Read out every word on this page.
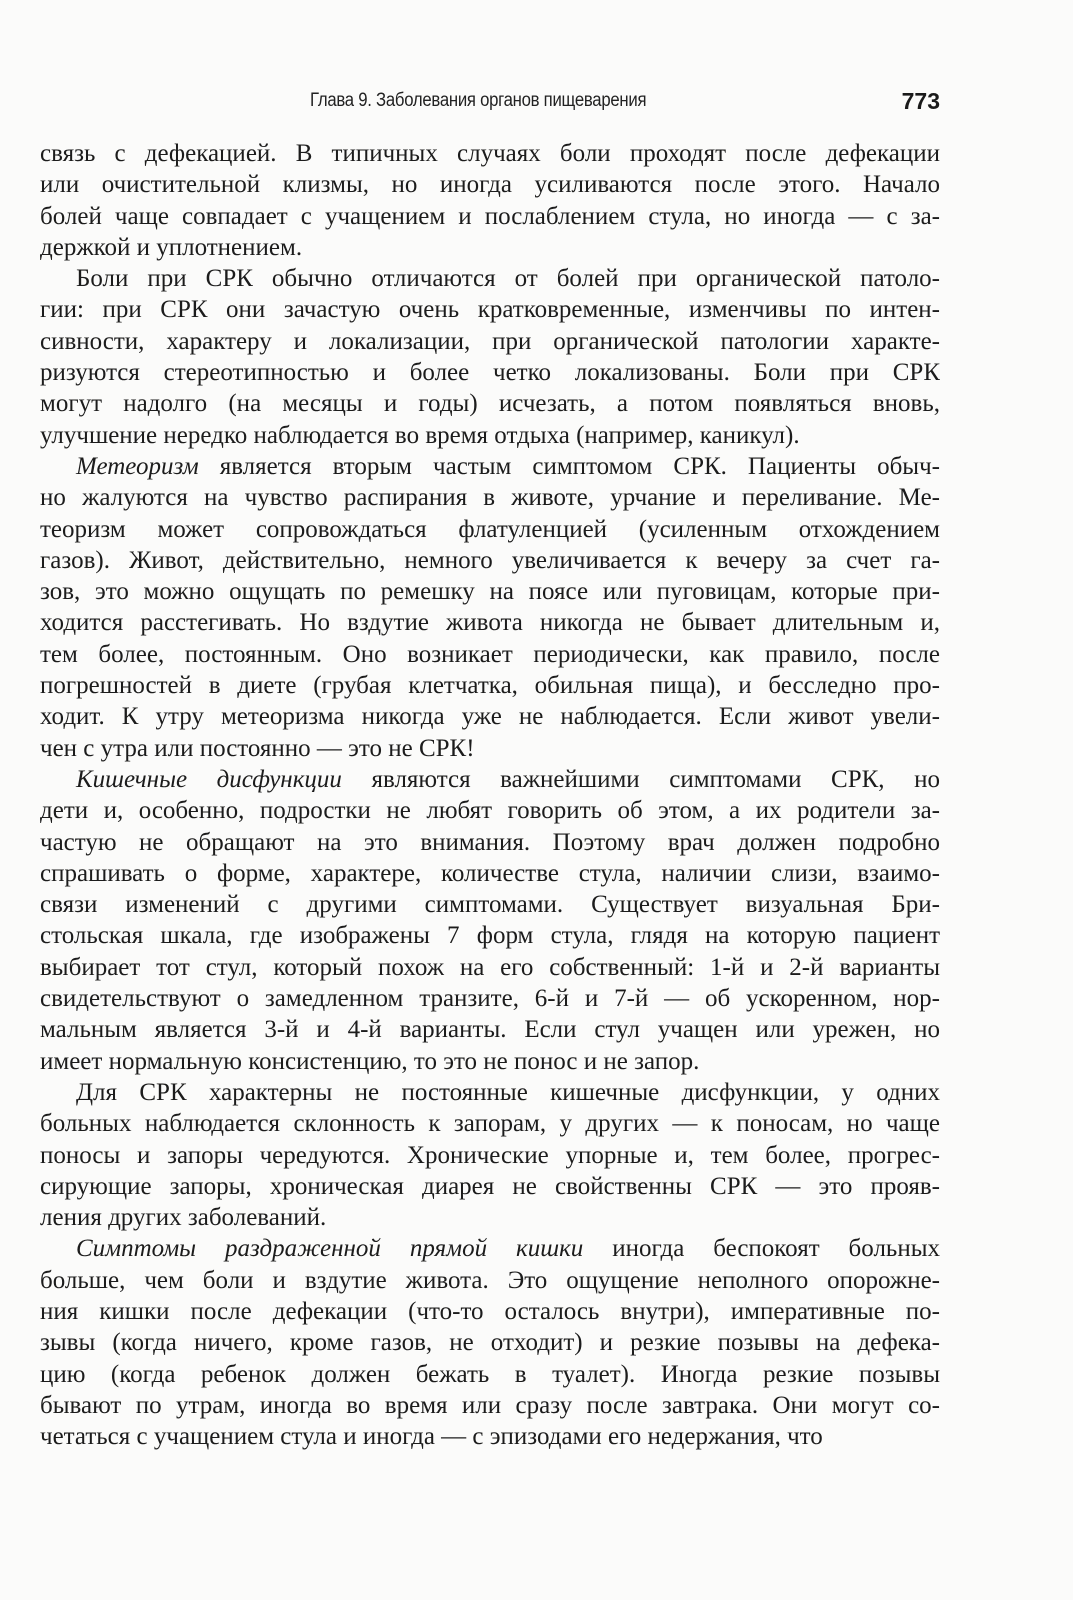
Глава 9. Заболевания органов пищеварения	773
связь с дефекацией. В типичных случаях боли проходят после дефекации
или очистительной клизмы, но иногда усиливаются после этого. Начало
болей чаще совпадает с учащением и послаблением стула, но иногда — с за-
держкой и уплотнением.
Боли при СРК обычно отличаются от болей при органической патоло-
гии: при СРК они зачастую очень кратковременные, изменчивы по интен-
сивности, характеру и локализации, при органической патологии характе-
ризуются стереотипностью и более четко локализованы. Боли при СРК
могут надолго (на месяцы и годы) исчезать, а потом появляться вновь,
улучшение нередко наблюдается во время отдыха (например, каникул).
Метеоризм является вторым частым симптомом СРК. Пациенты обыч-
но жалуются на чувство распирания в животе, урчание и переливание. Ме-
теоризм может сопровождаться флатуленцией (усиленным отхождением
газов). Живот, действительно, немного увеличивается к вечеру за счет га-
зов, это можно ощущать по ремешку на поясе или пуговицам, которые при-
ходится расстегивать. Но вздутие живота никогда не бывает длительным и,
тем более, постоянным. Оно возникает периодически, как правило, после
погрешностей в диете (грубая клетчатка, обильная пища), и бесследно про-
ходит. К утру метеоризма никогда уже не наблюдается. Если живот увели-
чен с утра или постоянно — это не СРК!
Кишечные дисфункции являются важнейшими симптомами СРК, но
дети и, особенно, подростки не любят говорить об этом, а их родители за-
частую не обращают на это внимания. Поэтому врач должен подробно
спрашивать о форме, характере, количестве стула, наличии слизи, взаимо-
связи изменений с другими симптомами. Существует визуальная Бри-
стольская шкала, где изображены 7 форм стула, глядя на которую пациент
выбирает тот стул, который похож на его собственный: 1-й и 2-й варианты
свидетельствуют о замедленном транзите, 6-й и 7-й — об ускоренном, нор-
мальным является 3-й и 4-й варианты. Если стул учащен или урежен, но
имеет нормальную консистенцию, то это не понос и не запор.
Для СРК характерны не постоянные кишечные дисфункции, у одних
больных наблюдается склонность к запорам, у других — к поносам, но чаще
поносы и запоры чередуются. Хронические упорные и, тем более, прогрес-
сирующие запоры, хроническая диарея не свойственны СРК — это прояв-
ления других заболеваний.
Симптомы раздраженной прямой кишки иногда беспокоят больных
больше, чем боли и вздутие живота. Это ощущение неполного опорожне-
ния кишки после дефекации (что-то осталось внутри), императивные по-
зывы (когда ничего, кроме газов, не отходит) и резкие позывы на дефека-
цию (когда ребенок должен бежать в туалет). Иногда резкие позывы
бывают по утрам, иногда во время или сразу после завтрака. Они могут со-
четаться с учащением стула и иногда — с эпизодами его недержания, что
